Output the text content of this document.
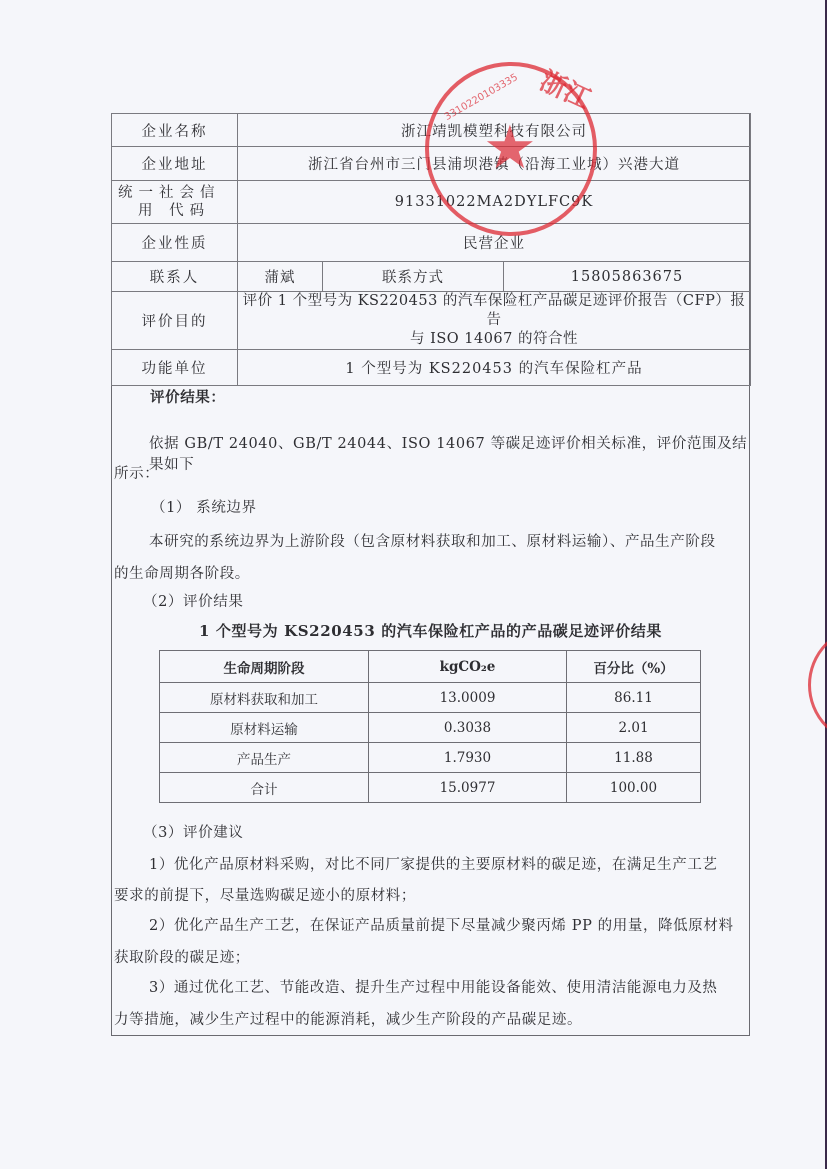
企业名称	浙江靖凯模塑科技有限公司		
企业地址	浙江省台州市三门县浦坝港镇（沿海工业城）兴港大道		

统一社会信
用 代码	91331022MA2DYLFC9K		
企业性质	民营企业		
联系人	蒲斌	联系方式	15805863675
评价目的	评价 1 个型号为 KS220453 的汽车保险杠产品碳足迹评价报告（CFP）报告
与 ISO 14067 的符合性		

功能单位	1 个型号为 KS220453 的汽车保险杠产品		
评价结果：
依据 GB/T 24040、GB/T 24044、ISO 14067 等碳足迹评价相关标准，评价范围及结果如下
所示：
（1） 系统边界
本研究的系统边界为上游阶段（包含原材料获取和加工、原材料运输）、产品生产阶段
的生命周期各阶段。
（2）评价结果
1 个型号为 KS220453 的汽车保险杠产品的产品碳足迹评价结果
生命周期阶段	kgCO₂e	百分比（%）
原材料获取和加工	13.0009	86.11
原材料运输	0.3038	2.01
产品生产	1.7930	11.88
合计	15.0977	100.00
（3）评价建议
1）优化产品原材料采购，对比不同厂家提供的主要原材料的碳足迹，在满足生产工艺
要求的前提下，尽量选购碳足迹小的原材料；
2）优化产品生产工艺，在保证产品质量前提下尽量减少聚丙烯 PP 的用量，降低原材料
获取阶段的碳足迹；
3）通过优化工艺、节能改造、提升生产过程中用能设备能效、使用清洁能源电力及热
力等措施，减少生产过程中的能源消耗，减少生产阶段的产品碳足迹。
★
浙江
3310220103335
